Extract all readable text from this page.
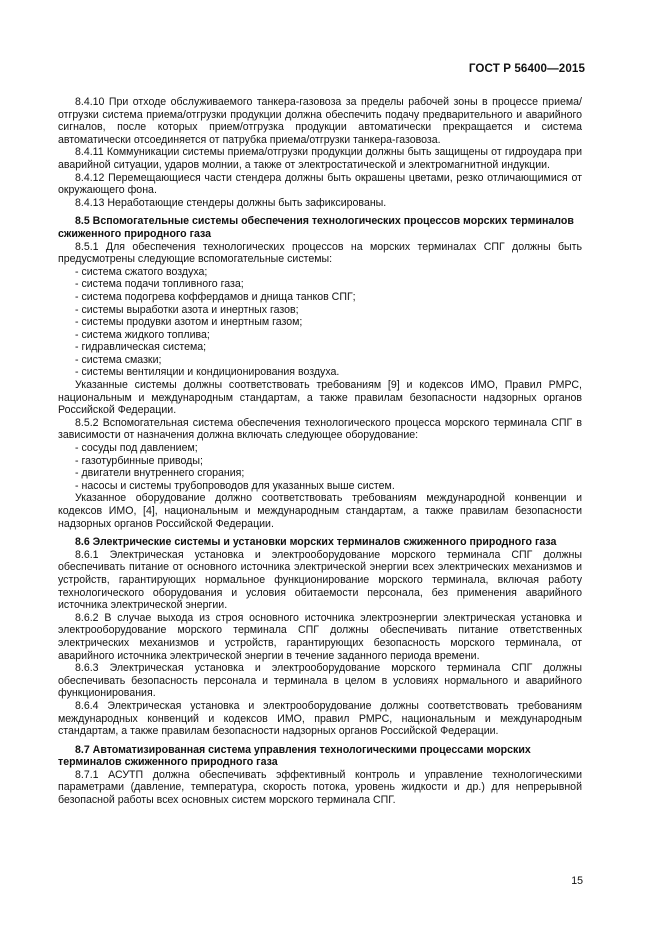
ГОСТ Р 56400—2015

8.4.10 При отходе обслуживаемого танкера-газовоза за пределы рабочей зоны в процессе приема/отгрузки система приема/отгрузки продукции должна обеспечить подачу предварительного и аварийного сигналов, после которых прием/отгрузка продукции автоматически прекращается и система автоматически отсоединяется от патрубка приема/отгрузки танкера-газовоза.

8.4.11 Коммуникации системы приема/отгрузки продукции должны быть защищены от гидроудара при аварийной ситуации, ударов молнии, а также от электростатической и электромагнитной индукции.

8.4.12 Перемещающиеся части стендера должны быть окрашены цветами, резко отличающимися от окружающего фона.

8.4.13 Неработающие стендеры должны быть зафиксированы.

8.5 Вспомогательные системы обеспечения технологических процессов морских терминалов сжиженного природного газа

8.5.1 Для обеспечения технологических процессов на морских терминалах СПГ должны быть предусмотрены следующие вспомогательные системы:

- система сжатого воздуха;
- система подачи топливного газа;
- система подогрева коффердамов и днища танков СПГ;
- системы выработки азота и инертных газов;
- системы продувки азотом и инертным газом;
- система жидкого топлива;
- гидравлическая система;
- система смазки;
- системы вентиляции и кондиционирования воздуха.

Указанные системы должны соответствовать требованиям [9] и кодексов ИМО, Правил РМРС, национальным и международным стандартам, а также правилам безопасности надзорных органов Российской Федерации.

8.5.2 Вспомогательная система обеспечения технологического процесса морского терминала СПГ в зависимости от назначения должна включать следующее оборудование:

- сосуды под давлением;
- газотурбинные приводы;
- двигатели внутреннего сгорания;
- насосы и системы трубопроводов для указанных выше систем.

Указанное оборудование должно соответствовать требованиям международной конвенции и кодексов ИМО, [4], национальным и международным стандартам, а также правилам безопасности надзорных органов Российской Федерации.

8.6 Электрические системы и установки морских терминалов сжиженного природного газа

8.6.1 Электрическая установка и электрооборудование морского терминала СПГ должны обеспечивать питание от основного источника электрической энергии всех электрических механизмов и устройств, гарантирующих нормальное функционирование морского терминала, включая работу технологического оборудования и условия обитаемости персонала, без применения аварийного источника электрической энергии.

8.6.2 В случае выхода из строя основного источника электроэнергии электрическая установка и электрооборудование морского терминала СПГ должны обеспечивать питание ответственных электрических механизмов и устройств, гарантирующих безопасность морского терминала, от аварийного источника электрической энергии в течение заданного периода времени.

8.6.3 Электрическая установка и электрооборудование морского терминала СПГ должны обеспечивать безопасность персонала и терминала в целом в условиях нормального и аварийного функционирования.

8.6.4 Электрическая установка и электрооборудование должны соответствовать требованиям международных конвенций и кодексов ИМО, правил РМРС, национальным и международным стандартам, а также правилам безопасности надзорных органов Российской Федерации.

8.7 Автоматизированная система управления технологическими процессами морских терминалов сжиженного природного газа

8.7.1 АСУТП должна обеспечивать эффективный контроль и управление технологическими параметрами (давление, температура, скорость потока, уровень жидкости и др.) для непрерывной безопасной работы всех основных систем морского терминала СПГ.

15
